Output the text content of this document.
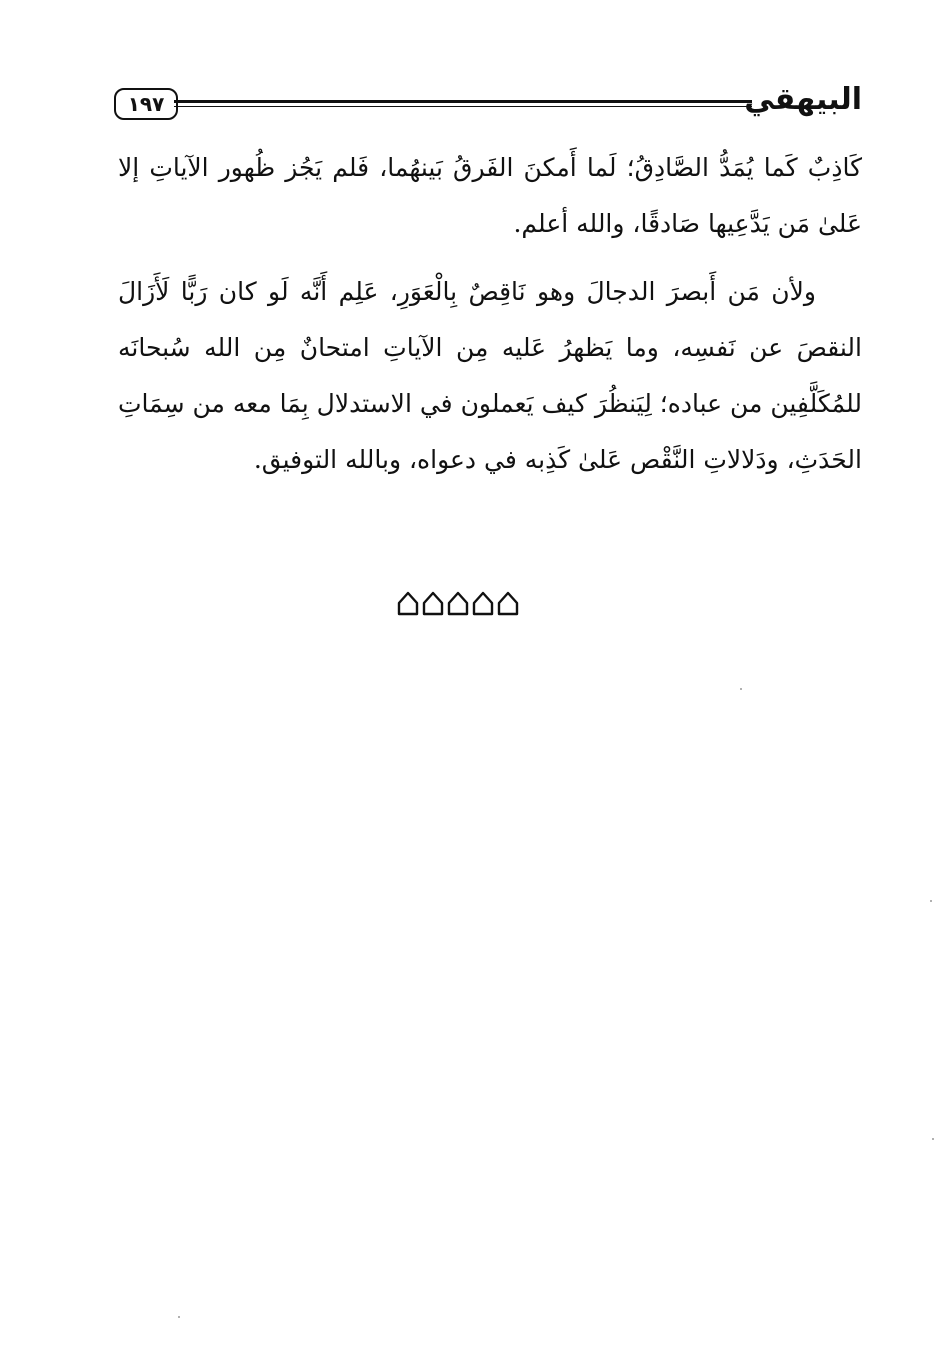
١٩٧	البيهقي

كَاذِبٌ كَما يُمَدُّ الصَّادِقُ؛ لَما أَمكنَ الفَرقُ بَينهُما، فَلم يَجُز ظُهور الآياتِ إلا عَلىٰ مَن يَدَّعِيها صَادقًا، والله أعلم.

ولأن مَن أَبصرَ الدجالَ وهو نَاقِصٌ بِالْعَوَرِ، عَلِم أَنَّه لَو كان رَبًّا لَأَزَالَ النقصَ عن نَفسِه، وما يَظهرُ عَليه مِن الآياتِ امتحانٌ مِن الله سُبحانَه للمُكَلَّفِين من عباده؛ لِيَنظُرَ كيف يَعملون في الاستدلال بِمَا معه من سِمَاتِ الحَدَثِ، ودَلالاتِ النَّقْص عَلىٰ كَذِبه في دعواه، وبالله التوفيق.
